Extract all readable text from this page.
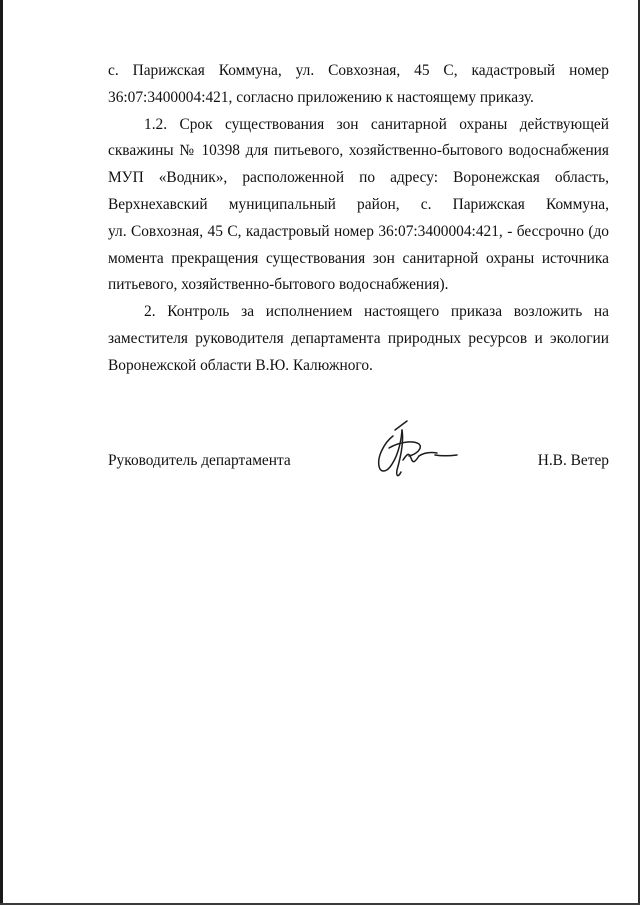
с. Парижская Коммуна, ул. Совхозная, 45 С, кадастровый номер
36:07:3400004:421, согласно приложению к настоящему приказу.
1.2. Срок существования зон санитарной охраны действующей
скважины № 10398 для питьевого, хозяйственно-бытового водоснабжения
МУП «Водник», расположенной по адресу: Воронежская область,
Верхнехавский муниципальный район, с. Парижская Коммуна,
ул. Совхозная, 45 С, кадастровый номер 36:07:3400004:421, - бессрочно (до
момента прекращения существования зон санитарной охраны источника
питьевого, хозяйственно-бытового водоснабжения).
2. Контроль за исполнением настоящего приказа возложить на
заместителя руководителя департамента природных ресурсов и экологии
Воронежской области В.Ю. Калюжного.
Руководитель департамента	Н.В. Ветер
